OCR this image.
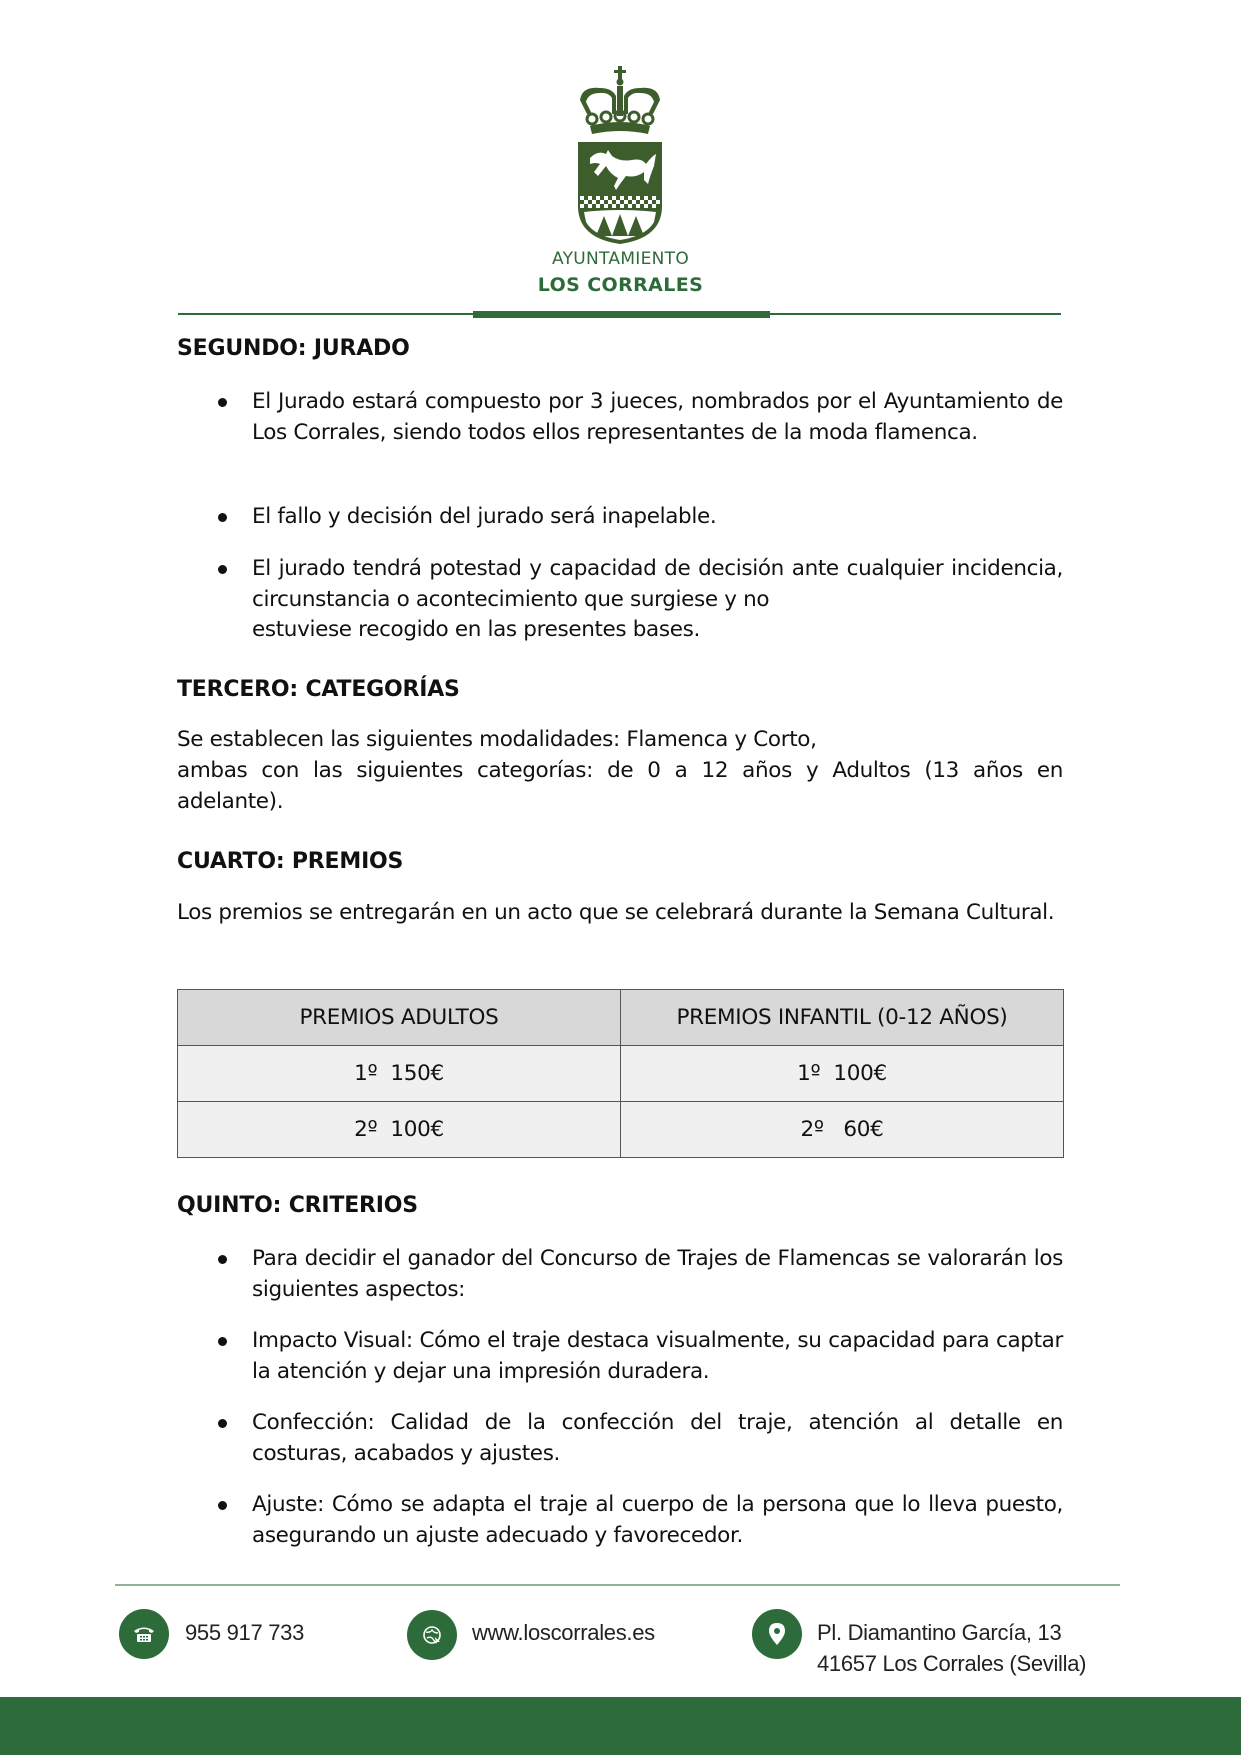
AYUNTAMIENTO
LOS CORRALES
SEGUNDO: JURADO
El Jurado estará compuesto por 3 jueces, nombrados por el Ayuntamiento de Los Corrales, siendo todos ellos representantes de la moda flamenca.
El fallo y decisión del jurado será inapelable.
El jurado tendrá potestad y capacidad de decisión ante cualquier incidencia, circunstancia o acontecimiento que surgiese y no
estuviese recogido en las presentes bases.
TERCERO: CATEGORÍAS
Se establecen las siguientes modalidades: Flamenca y Corto,
ambas con las siguientes categorías: de 0 a 12 años y Adultos (13 años en adelante).
CUARTO: PREMIOS
Los premios se entregarán en un acto que se celebrará durante la Semana Cultural.
PREMIOS ADULTOS	PREMIOS INFANTIL (0-12 AÑOS)
1º  150€	1º  100€
2º  100€	2º   60€
QUINTO: CRITERIOS
Para decidir el ganador del Concurso de Trajes de Flamencas se valorarán los siguientes aspectos:
Impacto Visual: Cómo el traje destaca visualmente, su capacidad para captar la atención y dejar una impresión duradera.
Confección: Calidad de la confección del traje, atención al detalle en costuras, acabados y ajustes.
Ajuste: Cómo se adapta el traje al cuerpo de la persona que lo lleva puesto, asegurando un ajuste adecuado y favorecedor.
955 917 733	www.loscorrales.es	Pl. Diamantino García, 13
41657 Los Corrales (Sevilla)
